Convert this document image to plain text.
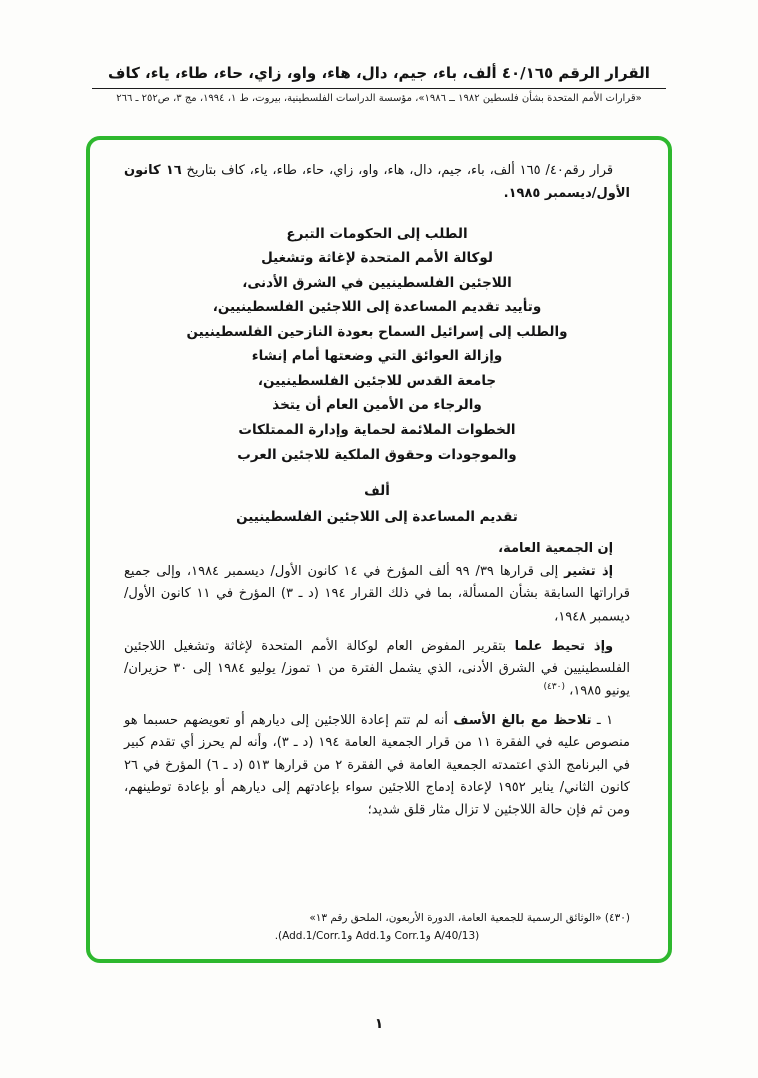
القرار الرقم ٤٠/١٦٥ ألف، باء، جيم، دال، هاء، واو، زاي، حاء، طاء، ياء، كاف
«قرارات الأمم المتحدة بشأن فلسطين ١٩٨٢ ــ ١٩٨٦»، مؤسسة الدراسات الفلسطينية، بيروت، ط ١، ١٩٩٤، مج ٣، ص٢٥٢ ـ ٢٦٦

قرار رقم٤٠/ ١٦٥ ألف، باء، جيم، دال، هاء، واو، زاي، حاء، طاء، ياء، كاف بتاريخ ١٦ كانون الأول/ديسمبر ١٩٨٥.

الطلب إلى الحكومات التبرع
لوكالة الأمم المتحدة لإغاثة وتشغيل
اللاجئين الفلسطينيين في الشرق الأدنى،
وتأييد تقديم المساعدة إلى اللاجئين الفلسطينيين،
والطلب إلى إسرائيل السماح بعودة النازحين الفلسطينيين
وإزالة العوائق التي وضعتها أمام إنشاء
جامعة القدس للاجئين الفلسطينيين،
والرجاء من الأمين العام أن يتخذ
الخطوات الملائمة لحماية وإدارة الممتلكات
والموجودات وحقوق الملكية للاجئين العرب
ألف
تقديم المساعدة إلى اللاجئين الفلسطينيين

إن الجمعية العامة،

إذ تشير إلى قرارها ٣٩/ ٩٩ ألف المؤرخ في ١٤ كانون الأول/ ديسمبر ١٩٨٤، وإلى جميع قراراتها السابقة بشأن المسألة، بما في ذلك القرار ١٩٤ (د ـ ٣) المؤرخ في ١١ كانون الأول/ ديسمبر ١٩٤٨،

وإذ تحيط علما بتقرير المفوض العام لوكالة الأمم المتحدة لإغاثة وتشغيل اللاجئين الفلسطينيين في الشرق الأدنى، الذي يشمل الفترة من ١ تموز/ يوليو ١٩٨٤ إلى ٣٠ حزيران/ يونيو ١٩٨٥، $^{(٤٣٠)}$

١ ـ تلاحظ مع بالغ الأسف أنه لم تتم إعادة اللاجئين إلى ديارهم أو تعويضهم حسبما هو منصوص عليه في الفقرة ١١ من قرار الجمعية العامة ١٩٤ (د ـ ٣)، وأنه لم يحرز أي تقدم كبير في البرنامج الذي اعتمدته الجمعية العامة في الفقرة ٢ من قرارها ٥١٣ (د ـ ٦) المؤرخ في ٢٦ كانون الثاني/ يناير ١٩٥٢ لإعادة إدماج اللاجئين سواء بإعادتهم إلى ديارهم أو بإعادة توطينهم، ومن ثم فإن حالة اللاجئين لا تزال مثار قلق شديد؛

(٤٣٠) «الوثائق الرسمية للجمعية العامة، الدورة الأربعون، الملحق رقم ١٣»
(A/40/13 وCorr.1 وAdd.1 وAdd.1/Corr.1).
١
